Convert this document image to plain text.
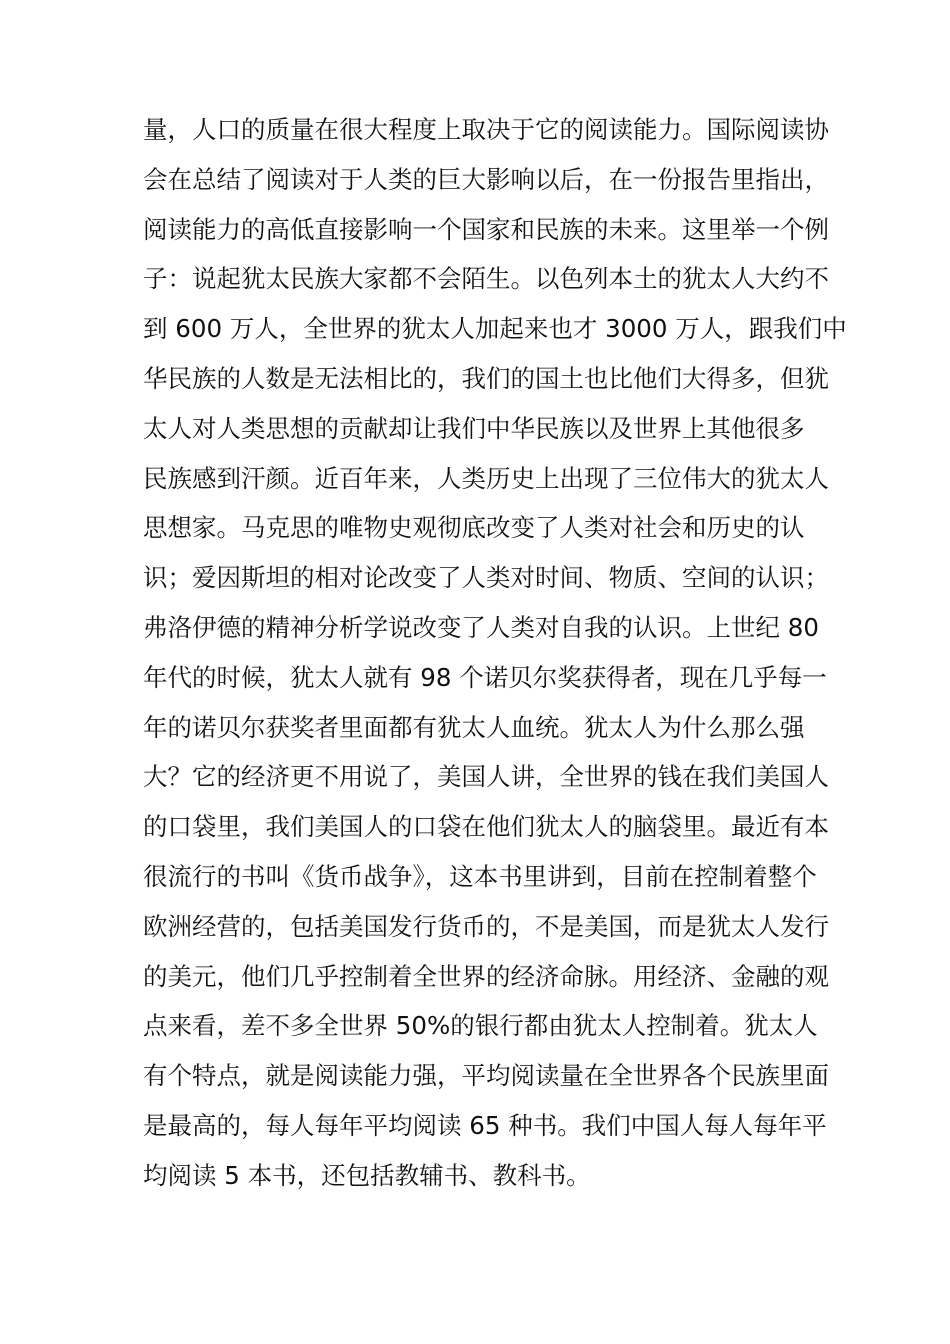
量，人口的质量在很大程度上取决于它的阅读能力。国际阅读协
会在总结了阅读对于人类的巨大影响以后，在一份报告里指出，
阅读能力的高低直接影响一个国家和民族的未来。这里举一个例
子：说起犹太民族大家都不会陌生。以色列本土的犹太人大约不
到 600 万人，全世界的犹太人加起来也才 3000 万人，跟我们中
华民族的人数是无法相比的，我们的国土也比他们大得多，但犹
太人对人类思想的贡献却让我们中华民族以及世界上其他很多
民族感到汗颜。近百年来，人类历史上出现了三位伟大的犹太人
思想家。马克思的唯物史观彻底改变了人类对社会和历史的认
识；爱因斯坦的相对论改变了人类对时间、物质、空间的认识；
弗洛伊德的精神分析学说改变了人类对自我的认识。上世纪 80
年代的时候，犹太人就有 98 个诺贝尔奖获得者，现在几乎每一
年的诺贝尔获奖者里面都有犹太人血统。犹太人为什么那么强
大？它的经济更不用说了，美国人讲，全世界的钱在我们美国人
的口袋里，我们美国人的口袋在他们犹太人的脑袋里。最近有本
很流行的书叫《货币战争》，这本书里讲到，目前在控制着整个
欧洲经营的，包括美国发行货币的，不是美国，而是犹太人发行
的美元，他们几乎控制着全世界的经济命脉。用经济、金融的观
点来看，差不多全世界 50%的银行都由犹太人控制着。犹太人
有个特点，就是阅读能力强，平均阅读量在全世界各个民族里面
是最高的，每人每年平均阅读 65 种书。我们中国人每人每年平
均阅读 5 本书，还包括教辅书、教科书。
